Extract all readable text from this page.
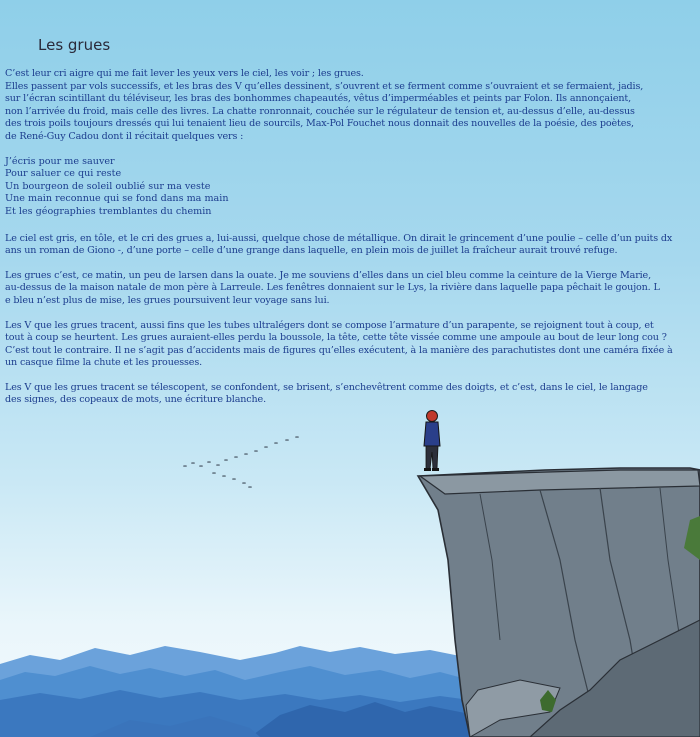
Les grues

C’est leur cri aigre qui me fait lever les yeux vers le ciel, les voir ; les grues.
Elles passent par vols successifs, et les bras des V qu’elles dessinent, s’ouvrent et se ferment comme s’ouvraient et se fermaient, jadis,
sur l’écran scintillant du téléviseur, les bras des bonhommes chapeautés, vêtus d’imperméables et peints par Folon. Ils annonçaient,
non l’arrivée du froid, mais celle des livres. La chatte ronronnait, couchée sur le régulateur de tension et, au-dessus d’elle, au-dessus
des trois poils toujours dressés qui lui tenaient lieu de sourcils, Max-Pol Fouchet nous donnait des nouvelles de la poésie, des poètes,
de René-Guy Cadou dont il récitait quelques vers :

J’écris pour me sauver
Pour saluer ce qui reste
Un bourgeon de soleil oublié sur ma veste
Une main reconnue qui se fond dans ma main
Et les géographies tremblantes du chemin

Le ciel est gris, en tôle, et le cri des grues a, lui-aussi, quelque chose de métallique. On dirait le grincement d’une poulie – celle d’un puits dx
ans un roman de Giono -, d’une porte – celle d’une grange dans laquelle, en plein mois de juillet la fraîcheur aurait trouvé refuge.

Les grues c’est, ce matin, un peu de larsen dans la ouate. Je me souviens d’elles dans un ciel bleu comme la ceinture de la Vierge Marie,
au-dessus de la maison natale de mon père à Larreule. Les fenêtres donnaient sur le Lys, la rivière dans laquelle papa pêchait le goujon. L
e bleu n’est plus de mise, les grues poursuivent leur voyage sans lui.

Les V que les grues tracent, aussi fins que les tubes ultralégers dont se compose l’armature d’un parapente, se rejoignent tout à coup, et
tout à coup se heurtent. Les grues auraient-elles perdu la boussole, la tête, cette tête vissée comme une ampoule au bout de leur long cou ?
C’est tout le contraire. Il ne s’agit pas d’accidents mais de figures qu’elles exécutent, à la manière des parachutistes dont une caméra fixée à
un casque filme la chute et les prouesses.

Les V que les grues tracent se télescopent, se confondent, se brisent, s’enchevêtrent comme des doigts, et c’est, dans le ciel, le langage
des signes, des copeaux de mots, une écriture blanche.
